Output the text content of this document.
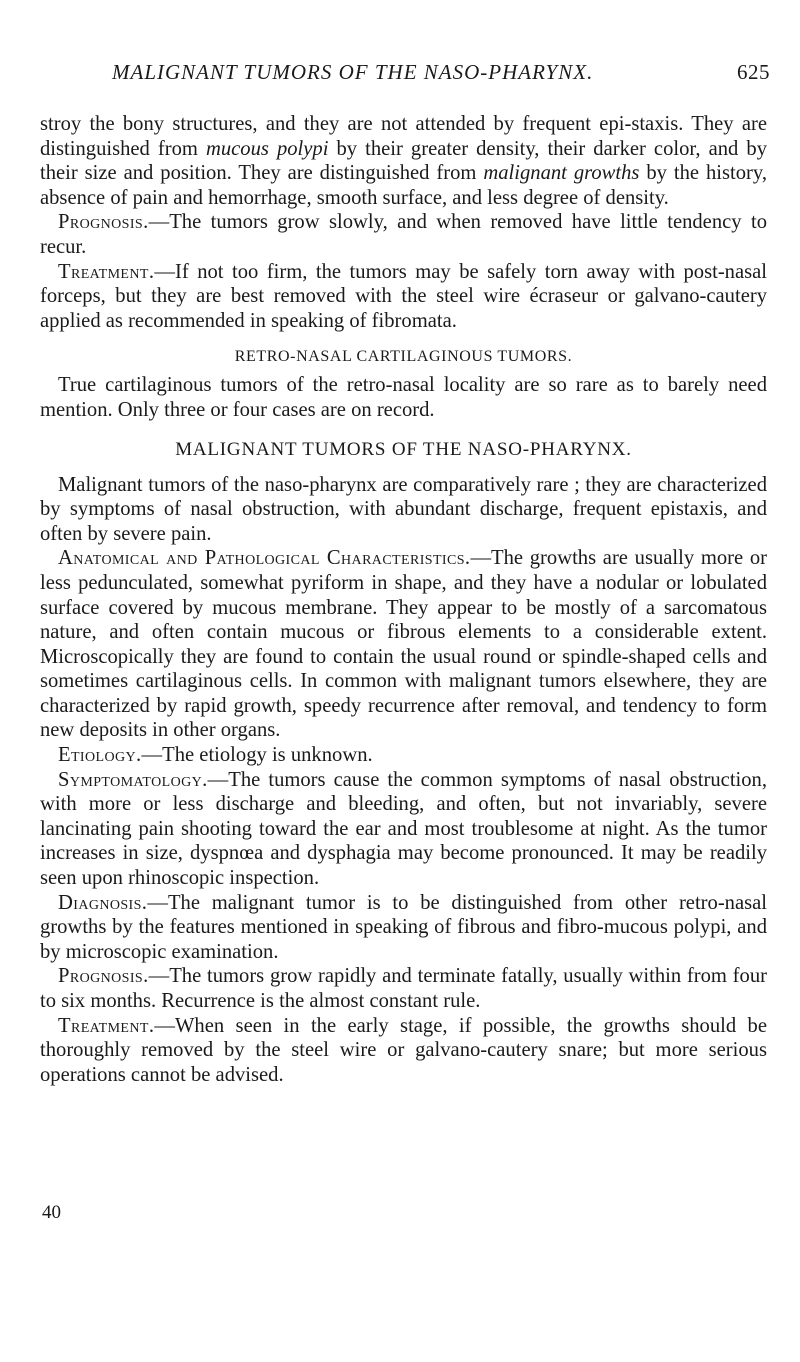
MALIGNANT TUMORS OF THE NASO-PHARYNX.	625

stroy the bony structures, and they are not attended by frequent epi-staxis. They are distinguished from mucous polypi by their greater density, their darker color, and by their size and position. They are distinguished from malignant growths by the history, absence of pain and hemorrhage, smooth surface, and less degree of density.

Prognosis.—The tumors grow slowly, and when removed have little tendency to recur.

Treatment.—If not too firm, the tumors may be safely torn away with post-nasal forceps, but they are best removed with the steel wire écraseur or galvano-cautery applied as recommended in speaking of fibromata.

RETRO-NASAL CARTILAGINOUS TUMORS.

True cartilaginous tumors of the retro-nasal locality are so rare as to barely need mention. Only three or four cases are on record.

MALIGNANT TUMORS OF THE NASO-PHARYNX.

Malignant tumors of the naso-pharynx are comparatively rare ; they are characterized by symptoms of nasal obstruction, with abundant discharge, frequent epistaxis, and often by severe pain.

Anatomical and Pathological Characteristics.—The growths are usually more or less pedunculated, somewhat pyriform in shape, and they have a nodular or lobulated surface covered by mucous membrane. They appear to be mostly of a sarcomatous nature, and often contain mucous or fibrous elements to a considerable extent. Microscopically they are found to contain the usual round or spindle-shaped cells and sometimes cartilaginous cells. In common with malignant tumors elsewhere, they are characterized by rapid growth, speedy recurrence after removal, and tendency to form new deposits in other organs.

Etiology.—The etiology is unknown.

Symptomatology.—The tumors cause the common symptoms of nasal obstruction, with more or less discharge and bleeding, and often, but not invariably, severe lancinating pain shooting toward the ear and most troublesome at night. As the tumor increases in size, dyspnœa and dysphagia may become pronounced. It may be readily seen upon rhinoscopic inspection.

Diagnosis.—The malignant tumor is to be distinguished from other retro-nasal growths by the features mentioned in speaking of fibrous and fibro-mucous polypi, and by microscopic examination.

Prognosis.—The tumors grow rapidly and terminate fatally, usually within from four to six months. Recurrence is the almost constant rule.

Treatment.—When seen in the early stage, if possible, the growths should be thoroughly removed by the steel wire or galvano-cautery snare; but more serious operations cannot be advised.

40
